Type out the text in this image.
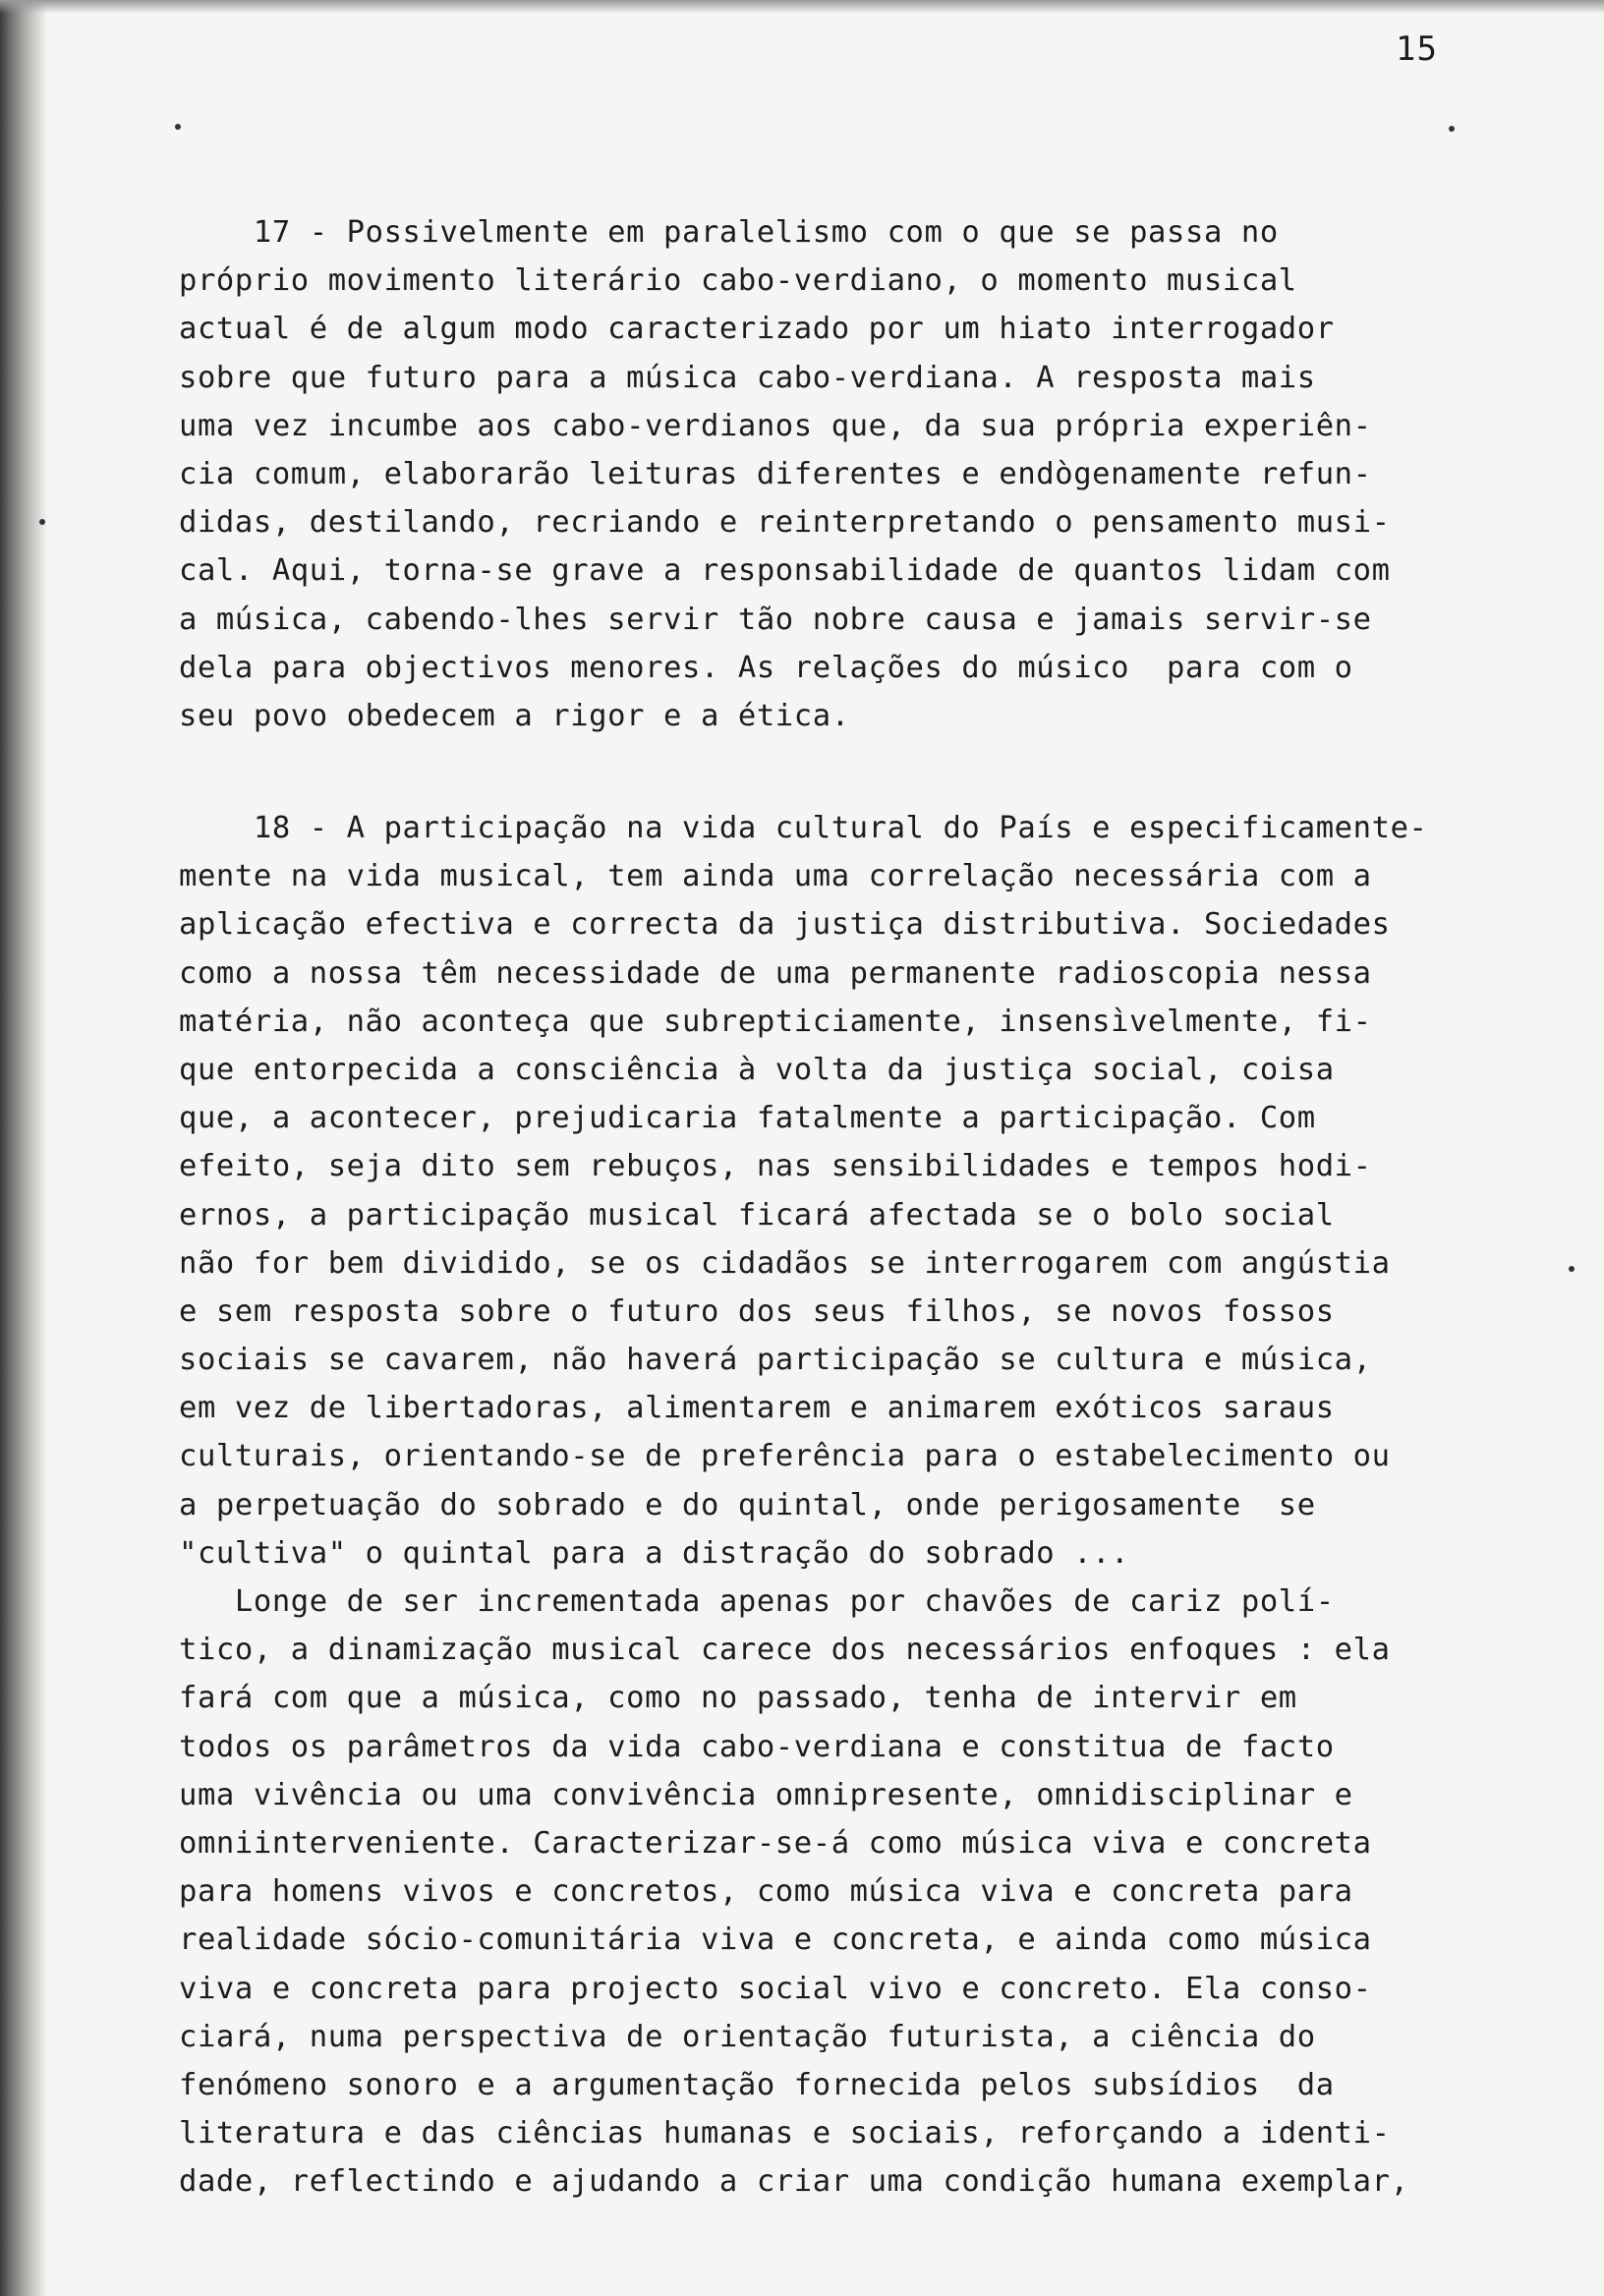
15
17 - Possivelmente em paralelismo com o que se passa no
próprio movimento literário cabo-verdiano, o momento musical
actual é de algum modo caracterizado por um hiato interrogador
sobre que futuro para a música cabo-verdiana. A resposta mais
uma vez incumbe aos cabo-verdianos que, da sua própria experiên-
cia comum, elaborarão leituras diferentes e endògenamente refun-
didas, destilando, recriando e reinterpretando o pensamento musi-
cal. Aqui, torna-se grave a responsabilidade de quantos lidam com
a música, cabendo-lhes servir tão nobre causa e jamais servir-se
dela para objectivos menores. As relações do músico  para com o
seu povo obedecem a rigor e a ética.
18 - A participação na vida cultural do País e especificamente-
mente na vida musical, tem ainda uma correlação necessária com a
aplicação efectiva e correcta da justiça distributiva. Sociedades
como a nossa têm necessidade de uma permanente radioscopia nessa
matéria, não aconteça que subrepticiamente, insensìvelmente, fi-
que entorpecida a consciência à volta da justiça social, coisa
que, a acontecer, prejudicaria fatalmente a participação. Com
efeito, seja dito sem rebuços, nas sensibilidades e tempos hodi-
ernos, a participação musical ficará afectada se o bolo social
não for bem dividido, se os cidadãos se interrogarem com angústia
e sem resposta sobre o futuro dos seus filhos, se novos fossos
sociais se cavarem, não haverá participação se cultura e música,
em vez de libertadoras, alimentarem e animarem exóticos saraus
culturais, orientando-se de preferência para o estabelecimento ou
a perpetuação do sobrado e do quintal, onde perigosamente  se
"cultiva" o quintal para a distração do sobrado ...
Longe de ser incrementada apenas por chavões de cariz polí-
tico, a dinamização musical carece dos necessários enfoques : ela
fará com que a música, como no passado, tenha de intervir em
todos os parâmetros da vida cabo-verdiana e constitua de facto
uma vivência ou uma convivência omnipresente, omnidisciplinar e
omniinterveniente. Caracterizar-se-á como música viva e concreta
para homens vivos e concretos, como música viva e concreta para
realidade sócio-comunitária viva e concreta, e ainda como música
viva e concreta para projecto social vivo e concreto. Ela conso-
ciará, numa perspectiva de orientação futurista, a ciência do
fenómeno sonoro e a argumentação fornecida pelos subsídios  da
literatura e das ciências humanas e sociais, reforçando a identi-
dade, reflectindo e ajudando a criar uma condição humana exemplar,
